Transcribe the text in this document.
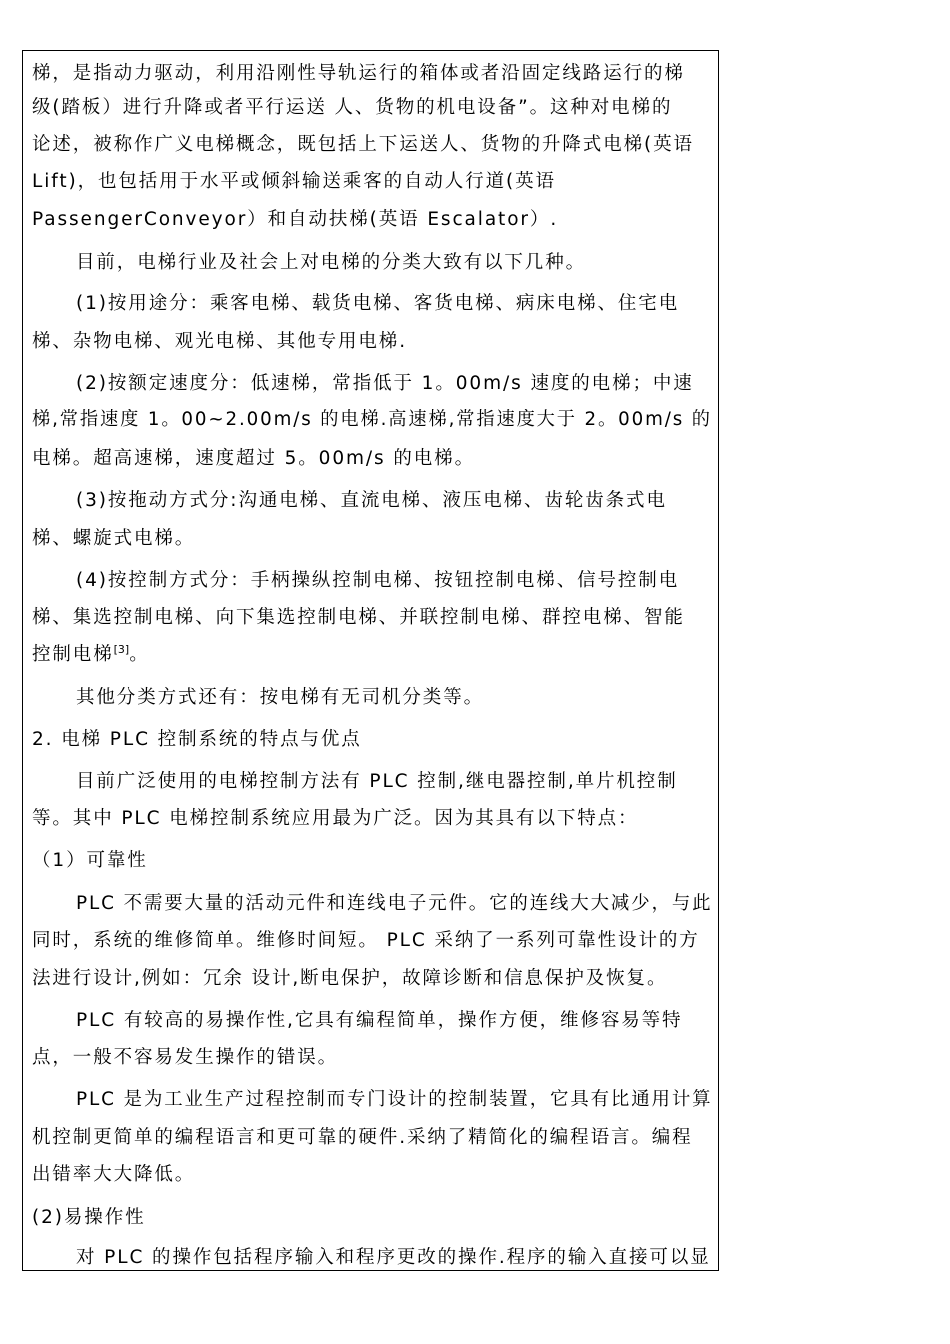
梯，是指动力驱动，利用沿刚性导轨运行的箱体或者沿固定线路运行的梯
级(踏板）进行升降或者平行运送 人、货物的机电设备”。这种对电梯的
论述，被称作广义电梯概念，既包括上下运送人、货物的升降式电梯(英语
Lift)，也包括用于水平或倾斜输送乘客的自动人行道(英语
PassengerConveyor）和自动扶梯(英语 Escalator）.
目前，电梯行业及社会上对电梯的分类大致有以下几种。
(1)按用途分：乘客电梯、载货电梯、客货电梯、病床电梯、住宅电
梯、杂物电梯、观光电梯、其他专用电梯.
(2)按额定速度分：低速梯，常指低于 1。00m/s 速度的电梯；中速
梯,常指速度 1。00~2.00m/s 的电梯.高速梯,常指速度大于 2。00m/s 的
电梯。超高速梯，速度超过 5。00m/s 的电梯。
(3)按拖动方式分:沟通电梯、直流电梯、液压电梯、齿轮齿条式电
梯、螺旋式电梯。
(4)按控制方式分：手柄操纵控制电梯、按钮控制电梯、信号控制电
梯、集选控制电梯、向下集选控制电梯、并联控制电梯、群控电梯、智能
控制电梯[3]。
其他分类方式还有：按电梯有无司机分类等。
2. 电梯 PLC 控制系统的特点与优点
目前广泛使用的电梯控制方法有 PLC 控制,继电器控制,单片机控制
等。其中 PLC 电梯控制系统应用最为广泛。因为其具有以下特点：
（1）可靠性
PLC 不需要大量的活动元件和连线电子元件。它的连线大大减少，与此
同时，系统的维修简单。维修时间短。 PLC 采纳了一系列可靠性设计的方
法进行设计,例如：冗余 设计,断电保护，故障诊断和信息保护及恢复。
PLC 有较高的易操作性,它具有编程简单，操作方便，维修容易等特
点，一般不容易发生操作的错误。
PLC 是为工业生产过程控制而专门设计的控制装置，它具有比通用计算
机控制更简单的编程语言和更可靠的硬件.采纳了精简化的编程语言。编程
出错率大大降低。
(2)易操作性
对 PLC 的操作包括程序输入和程序更改的操作.程序的输入直接可以显
